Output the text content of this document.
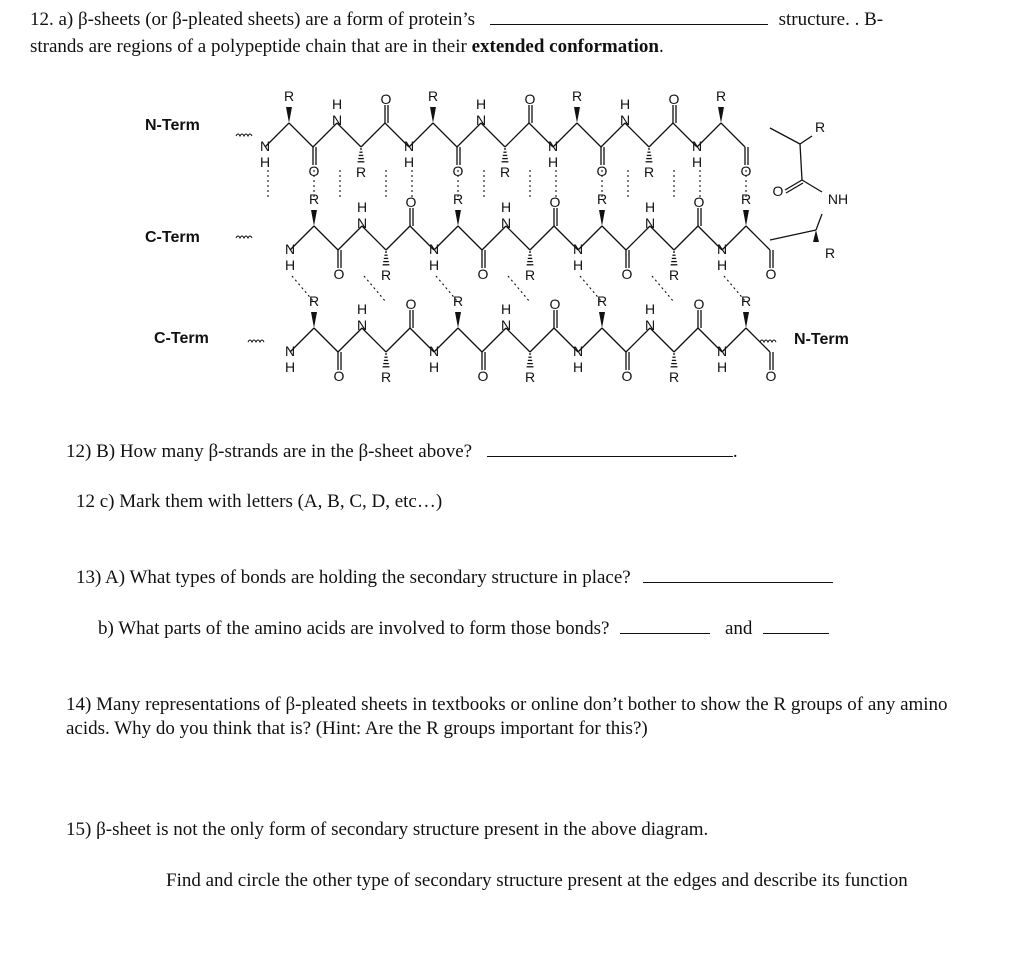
12. a) β-sheets (or β-pleated sheets) are a form of protein’s	structure. . B-
strands are regions of a polypeptide chain that are in their extended conformation.
N
H
R
O
N
H
R
O
N
H
R
O
N
H
R
O
N
H
R
O
N
H
R
O
N
H
R
O
N
H
R
O
N
H
R
O
N
H
R
O
N
H
R
O
N
H
R
O
N
H
R
O
N
H
R
O
N
H
R
O
N
H
R
O
N
H
R
O
N
H
R
O
N
H
R
O
N
H
R
O
N
H
R
O
O	NH
R
R
N-Term
C-Term
C-Term	N-Term
12) B) How many β-strands are in the β-sheet above?	.
12 c) Mark them with letters (A, B, C, D, etc…)
13) A) What types of bonds are holding the secondary structure in place?
b) What parts of the amino acids are involved to form those bonds?	and
14) Many representations of β-pleated sheets in textbooks or online don’t bother to show the R groups of any amino acids. Why do you think that is? (Hint: Are the R groups important for this?)
15) β-sheet is not the only form of secondary structure present in the above diagram.
Find and circle the other type of secondary structure present at the edges and describe its function
